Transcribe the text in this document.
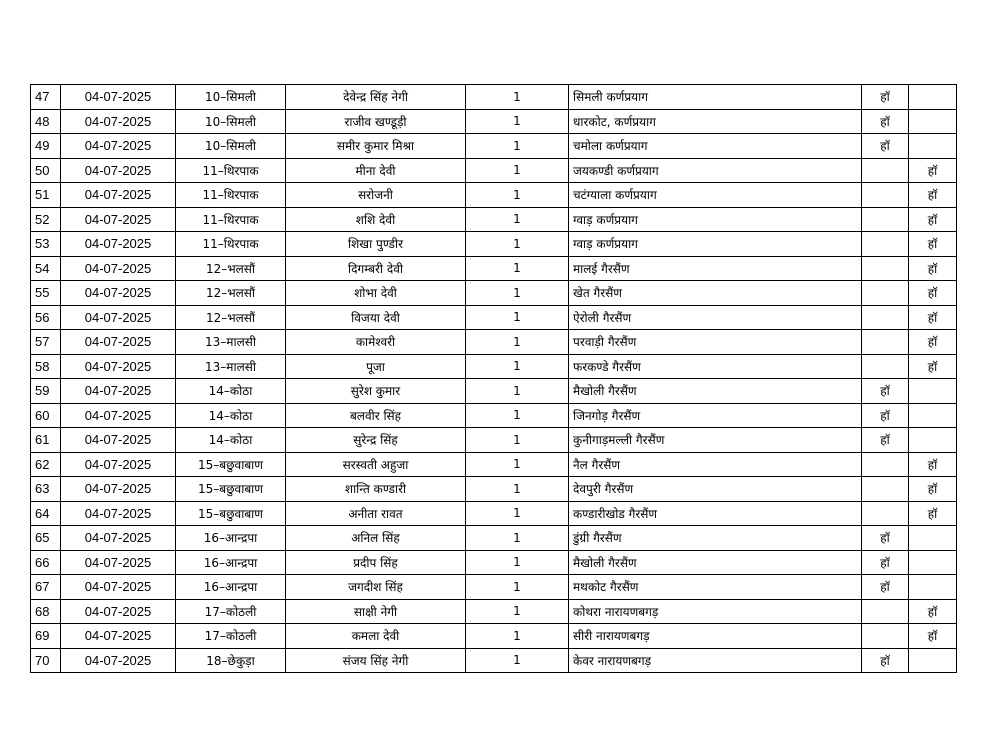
47	04-07-2025	10–सिमली	देवेन्द्र सिंह नेगी	1	सिमली कर्णप्रयाग	हॉ	
48	04-07-2025	10–सिमली	राजीव खण्डूड़ी	1	धारकोट, कर्णप्रयाग	हॉ	
49	04-07-2025	10–सिमली	समीर कुमार मिश्रा	1	चमोला कर्णप्रयाग	हॉ	
50	04-07-2025	11–थिरपाक	मीना देवी	1	जयकण्डी कर्णप्रयाग		हॉ
51	04-07-2025	11–थिरपाक	सरोजनी	1	चटंग्याला कर्णप्रयाग		हॉ
52	04-07-2025	11–थिरपाक	शशि देवी	1	ग्वाड़ कर्णप्रयाग		हॉ
53	04-07-2025	11–थिरपाक	शिखा पुण्डीर	1	ग्वाड़ कर्णप्रयाग		हॉ
54	04-07-2025	12–भलसौं	दिगम्बरी देवी	1	मालई गैरसैंण		हॉ
55	04-07-2025	12–भलसौं	शोभा देवी	1	खेत गैरसैंण		हॉ
56	04-07-2025	12–भलसौं	विजया देवी	1	ऐरोली गैरसैंण		हॉ
57	04-07-2025	13–मालसी	कामेश्वरी	1	परवाड़ी गैरसैंण		हॉ
58	04-07-2025	13–मालसी	पूजा	1	फरकण्डे गैरसैंण		हॉ
59	04-07-2025	14–कोठा	सुरेश कुमार	1	मैखोली गैरसैंण	हॉ	
60	04-07-2025	14–कोठा	बलवीर सिंह	1	जिनगोड़ गैरसैंण	हॉ	
61	04-07-2025	14–कोठा	सुरेन्द्र सिंह	1	कुनीगाड़मल्ली गैरसैंण	हॉ	
62	04-07-2025	15–बछुवाबाण	सरस्वती अहुजा	1	नैल गैरसैंण		हॉ
63	04-07-2025	15–बछुवाबाण	शान्ति कण्डारी	1	देवपुरी गैरसैंण		हॉ
64	04-07-2025	15–बछुवाबाण	अनीता रावत	1	कण्डारीखोड गैरसैंण		हॉ
65	04-07-2025	16–आन्द्रपा	अनिल सिंह	1	डुंग्री गैरसैंण	हॉ	
66	04-07-2025	16–आन्द्रपा	प्रदीप सिंह	1	मैखोली गैरसैंण	हॉ	
67	04-07-2025	16–आन्द्रपा	जगदीश सिंह	1	मथकोट गैरसैंण	हॉ	
68	04-07-2025	17–कोठली	साक्षी नेगी	1	कोथरा नारायणबगड़		हॉ
69	04-07-2025	17–कोठली	कमला देवी	1	सीरी नारायणबगड़		हॉ
70	04-07-2025	18–छेकुड़ा	संजय सिंह नेगी	1	केवर नारायणबगड़	हॉ	
